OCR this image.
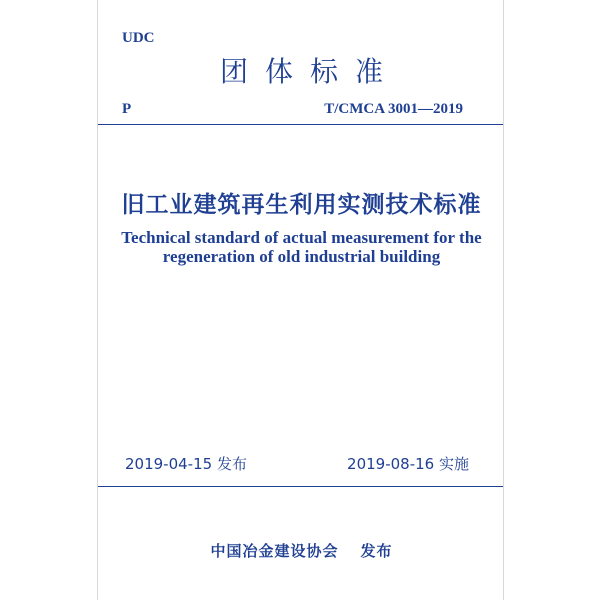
UDC
团体标准
P	T/CMCA 3001—2019
旧工业建筑再生利用实测技术标准
Technical standard of actual measurement for the
regeneration of old industrial building
2019-04-15 发布	2019-08-16 实施
中国冶金建设协会 发布
